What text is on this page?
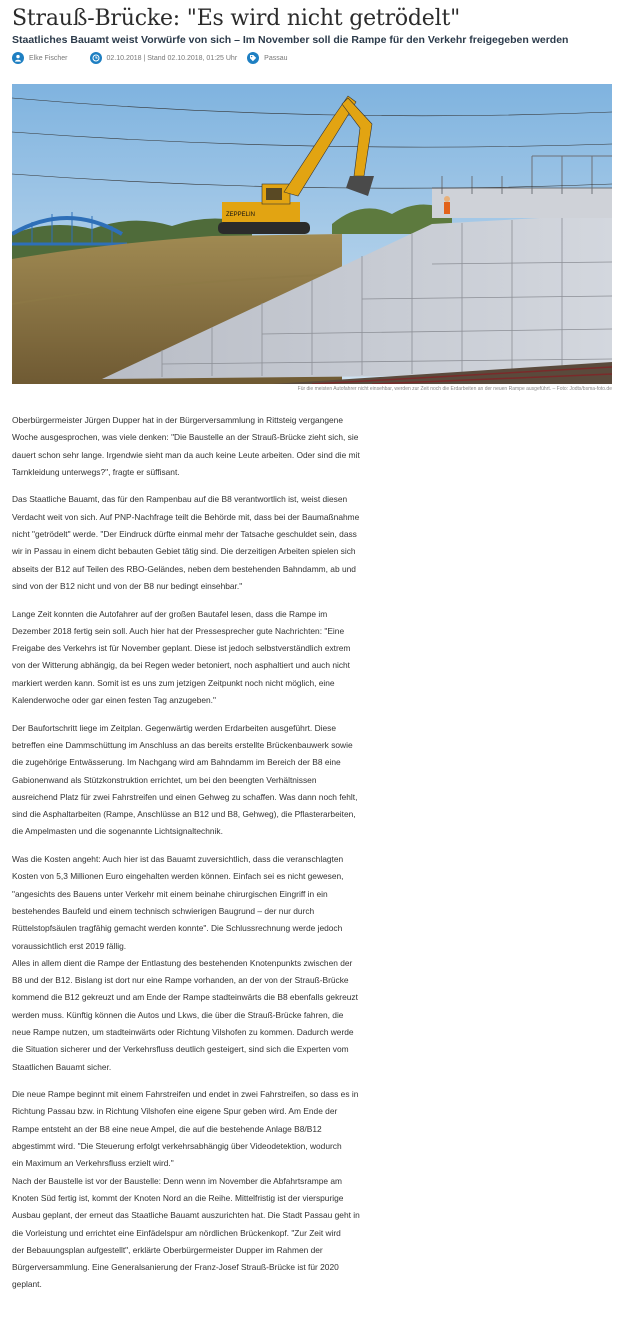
Strauß-Brücke: "Es wird nicht getrödelt"
Staatliches Bauamt weist Vorwürfe von sich – Im November soll die Rampe für den Verkehr freigegeben werden
Elke Fischer	02.10.2018 | Stand 02.10.2018, 01:25 Uhr	Passau
ZEPPELIN
Für die meisten Autofahrer nicht einsehbar, werden zur Zeit noch die Erdarbeiten an der neuen Rampe ausgeführt. – Foto: Jodts/bsma-foto.de

Oberbürgermeister Jürgen Dupper hat in der Bürgerversammlung in Rittsteig vergangene
Woche ausgesprochen, was viele denken: "Die Baustelle an der Strauß-Brücke zieht sich, sie
dauert schon sehr lange. Irgendwie sieht man da auch keine Leute arbeiten. Oder sind die mit
Tarnkleidung unterwegs?", fragte er süffisant.

Das Staatliche Bauamt, das für den Rampenbau auf die B8 verantwortlich ist, weist diesen
Verdacht weit von sich. Auf PNP-Nachfrage teilt die Behörde mit, dass bei der Baumaßnahme
nicht "getrödelt" werde. "Der Eindruck dürfte einmal mehr der Tatsache geschuldet sein, dass
wir in Passau in einem dicht bebauten Gebiet tätig sind. Die derzeitigen Arbeiten spielen sich
abseits der B12 auf Teilen des RBO-Geländes, neben dem bestehenden Bahndamm, ab und
sind von der B12 nicht und von der B8 nur bedingt einsehbar."

Lange Zeit konnten die Autofahrer auf der großen Bautafel lesen, dass die Rampe im
Dezember 2018 fertig sein soll. Auch hier hat der Pressesprecher gute Nachrichten: "Eine
Freigabe des Verkehrs ist für November geplant. Diese ist jedoch selbstverständlich extrem
von der Witterung abhängig, da bei Regen weder betoniert, noch asphaltiert und auch nicht
markiert werden kann. Somit ist es uns zum jetzigen Zeitpunkt noch nicht möglich, eine
Kalenderwoche oder gar einen festen Tag anzugeben."

Der Baufortschritt liege im Zeitplan. Gegenwärtig werden Erdarbeiten ausgeführt. Diese
betreffen eine Dammschüttung im Anschluss an das bereits erstellte Brückenbauwerk sowie
die zugehörige Entwässerung. Im Nachgang wird am Bahndamm im Bereich der B8 eine
Gabionenwand als Stützkonstruktion errichtet, um bei den beengten Verhältnissen
ausreichend Platz für zwei Fahrstreifen und einen Gehweg zu schaffen. Was dann noch fehlt,
sind die Asphaltarbeiten (Rampe, Anschlüsse an B12 und B8, Gehweg), die Pflasterarbeiten,
die Ampelmasten und die sogenannte Lichtsignaltechnik.

Was die Kosten angeht: Auch hier ist das Bauamt zuversichtlich, dass die veranschlagten
Kosten von 5,3 Millionen Euro eingehalten werden können. Einfach sei es nicht gewesen,
"angesichts des Bauens unter Verkehr mit einem beinahe chirurgischen Eingriff in ein
bestehendes Baufeld und einem technisch schwierigen Baugrund – der nur durch
Rüttelstopfsäulen tragfähig gemacht werden konnte". Die Schlussrechnung werde jedoch
voraussichtlich erst 2019 fällig.
Alles in allem dient die Rampe der Entlastung des bestehenden Knotenpunkts zwischen der
B8 und der B12. Bislang ist dort nur eine Rampe vorhanden, an der von der Strauß-Brücke
kommend die B12 gekreuzt und am Ende der Rampe stadteinwärts die B8 ebenfalls gekreuzt
werden muss. Künftig können die Autos und Lkws, die über die Strauß-Brücke fahren, die
neue Rampe nutzen, um stadteinwärts oder Richtung Vilshofen zu kommen. Dadurch werde
die Situation sicherer und der Verkehrsfluss deutlich gesteigert, sind sich die Experten vom
Staatlichen Bauamt sicher.

Die neue Rampe beginnt mit einem Fahrstreifen und endet in zwei Fahrstreifen, so dass es in
Richtung Passau bzw. in Richtung Vilshofen eine eigene Spur geben wird. Am Ende der
Rampe entsteht an der B8 eine neue Ampel, die auf die bestehende Anlage B8/B12
abgestimmt wird. "Die Steuerung erfolgt verkehrsabhängig über Videodetektion, wodurch
ein Maximum an Verkehrsfluss erzielt wird."
Nach der Baustelle ist vor der Baustelle: Denn wenn im November die Abfahrtsrampe am
Knoten Süd fertig ist, kommt der Knoten Nord an die Reihe. Mittelfristig ist der vierspurige
Ausbau geplant, der erneut das Staatliche Bauamt auszurichten hat. Die Stadt Passau geht in
die Vorleistung und errichtet eine Einfädelspur am nördlichen Brückenkopf. "Zur Zeit wird
der Bebauungsplan aufgestellt", erklärte Oberbürgermeister Dupper im Rahmen der
Bürgerversammlung. Eine Generalsanierung der Franz-Josef Strauß-Brücke ist für 2020
geplant.
